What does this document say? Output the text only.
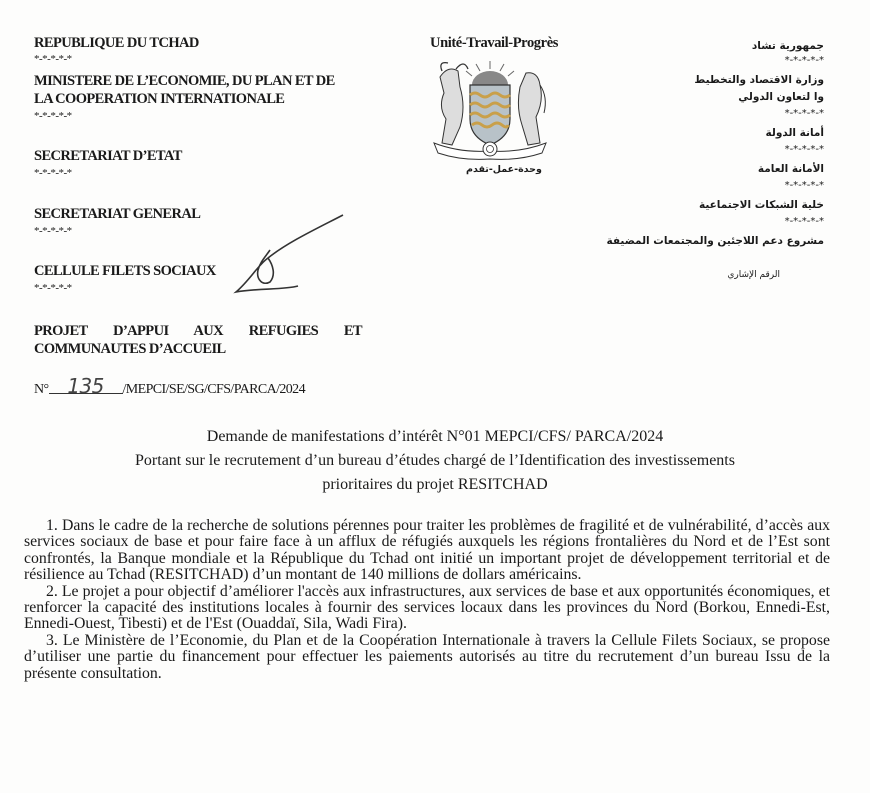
REPUBLIQUE DU TCHAD
*-*-*-*-*
MINISTERE DE L’ECONOMIE, DU PLAN ET DE
LA COOPERATION INTERNATIONALE
*-*-*-*-*
SECRETARIAT D’ETAT
*-*-*-*-*
SECRETARIAT GENERAL
*-*-*-*-*
CELLULE FILETS SOCIAUX
*-*-*-*-*
PROJET D’APPUI AUX REFUGIES ET
COMMUNAUTES D’ACCUEIL
N° 135 /MEPCI/SE/SG/CFS/PARCA/2024
Unité-Travail-Progrès
وحدة-عمل-تقدم
جمهورية تشاد
*-*-*-*-*
وزارة الاقتصاد والتخطيط
وا لتعاون الدولي
*-*-*-*-*
أمانة الدولة
*-*-*-*-*
الأمانة العامة
*-*-*-*-*
خلية الشبكات الاجتماعية
*-*-*-*-*
مشروع دعم اللاجئين والمجتمعات المضيفة
الرقم الإشاري
Demande de manifestations d’intérêt N°01 MEPCI/CFS/ PARCA/2024
Portant sur le recrutement d’un bureau d’études chargé de l’Identification des investissements
prioritaires du projet RESITCHAD

1. Dans le cadre de la recherche de solutions pérennes pour traiter les problèmes de fragilité et de vulnérabilité, d’accès aux services sociaux de base et pour faire face à un afflux de réfugiés auxquels les régions frontalières du Nord et de l’Est sont confrontés, la Banque mondiale et la République du Tchad ont initié un important projet de développement territorial et de résilience au Tchad (RESITCHAD) d’un montant de 140 millions de dollars américains.

2. Le projet a pour objectif d’améliorer l'accès aux infrastructures, aux services de base et aux opportunités économiques, et renforcer la capacité des institutions locales à fournir des services locaux dans les provinces du Nord (Borkou, Ennedi-Est, Ennedi-Ouest, Tibesti) et de l'Est (Ouaddaï, Sila, Wadi Fira).

3. Le Ministère de l’Economie, du Plan et de la Coopération Internationale à travers la Cellule Filets Sociaux, se propose d’utiliser une partie du financement pour effectuer les paiements autorisés au titre du recrutement d’un bureau Issu de la présente consultation.
